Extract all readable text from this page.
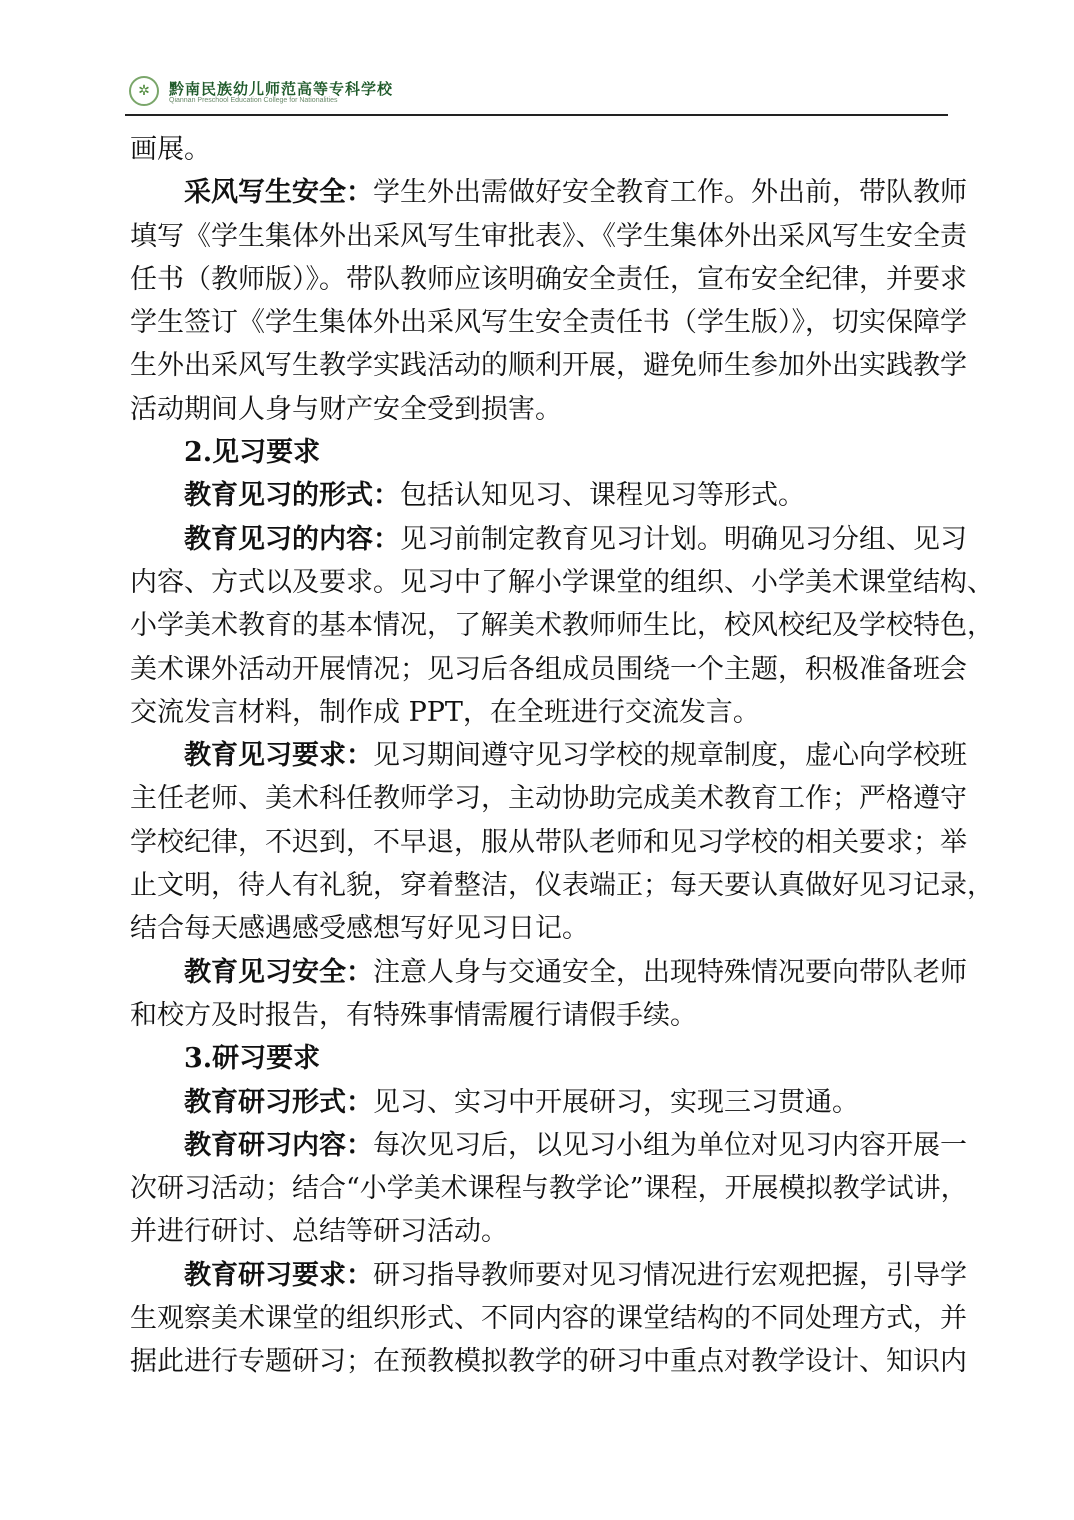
✲	黔南民族幼儿师范高等专科学校
Qiannan Preschool Education College for Nationalities
画展。
采风写生安全：学生外出需做好安全教育工作。外出前，带队教师
填写《学生集体外出采风写生审批表》、《学生集体外出采风写生安全责
任书（教师版）》。带队教师应该明确安全责任，宣布安全纪律，并要求
学生签订《学生集体外出采风写生安全责任书（学生版）》，切实保障学
生外出采风写生教学实践活动的顺利开展，避免师生参加外出实践教学
活动期间人身与财产安全受到损害。
2.见习要求
教育见习的形式：包括认知见习、课程见习等形式。
教育见习的内容：见习前制定教育见习计划。明确见习分组、见习
内容、方式以及要求。见习中了解小学课堂的组织、小学美术课堂结构、
小学美术教育的基本情况，了解美术教师师生比，校风校纪及学校特色，
美术课外活动开展情况；见习后各组成员围绕一个主题，积极准备班会
交流发言材料，制作成 PPT，在全班进行交流发言。
教育见习要求：见习期间遵守见习学校的规章制度，虚心向学校班
主任老师、美术科任教师学习，主动协助完成美术教育工作；严格遵守
学校纪律，不迟到，不早退，服从带队老师和见习学校的相关要求；举
止文明，待人有礼貌，穿着整洁，仪表端正；每天要认真做好见习记录，
结合每天感遇感受感想写好见习日记。
教育见习安全：注意人身与交通安全，出现特殊情况要向带队老师
和校方及时报告，有特殊事情需履行请假手续。
3.研习要求
教育研习形式：见习、实习中开展研习，实现三习贯通。
教育研习内容：每次见习后，以见习小组为单位对见习内容开展一
次研习活动；结合“小学美术课程与教学论”课程，开展模拟教学试讲，
并进行研讨、总结等研习活动。
教育研习要求：研习指导教师要对见习情况进行宏观把握，引导学
生观察美术课堂的组织形式、不同内容的课堂结构的不同处理方式，并
据此进行专题研习；在预教模拟教学的研习中重点对教学设计、知识内
